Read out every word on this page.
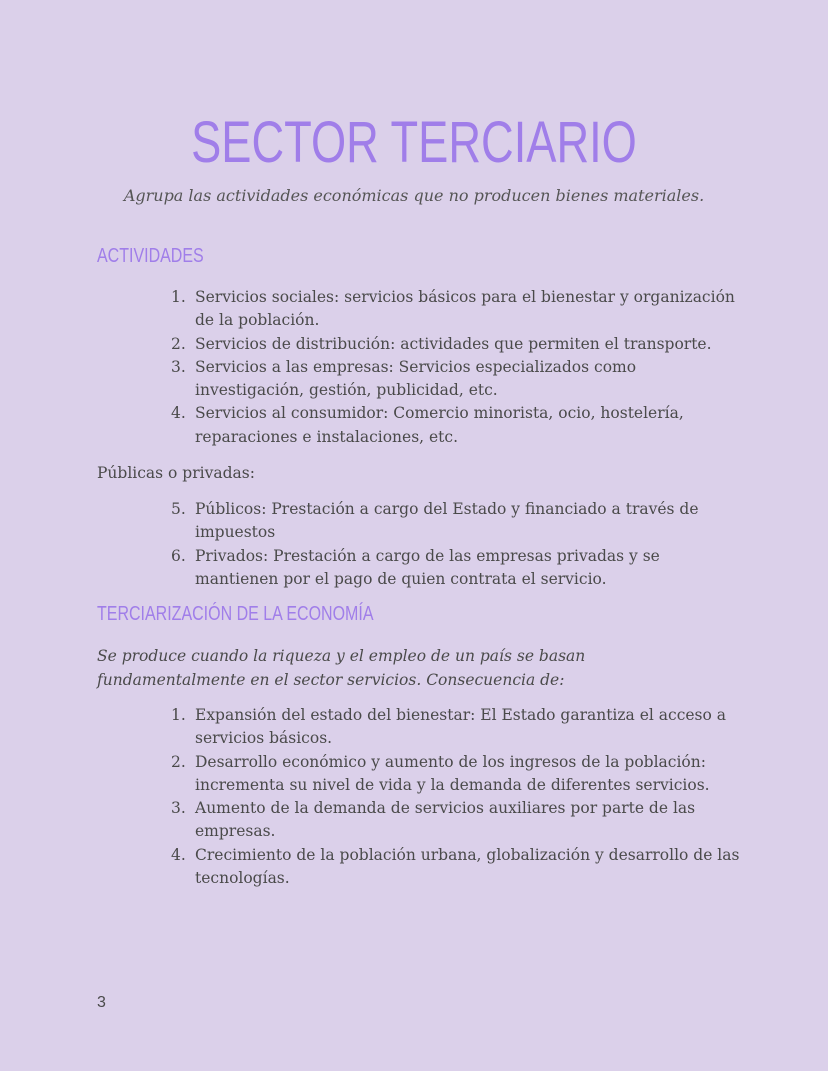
SECTOR TERCIARIO
Agrupa las actividades económicas que no producen bienes materiales.
ACTIVIDADES
1. Servicios sociales: servicios básicos para el bienestar y organización de la población.
2. Servicios de distribución: actividades que permiten el transporte.
3. Servicios a las empresas: Servicios especializados como investigación, gestión, publicidad, etc.
4. Servicios al consumidor: Comercio minorista, ocio, hostelería, reparaciones e instalaciones, etc.

Públicas o privadas:

5. Públicos: Prestación a cargo del Estado y financiado a través de impuestos
6. Privados: Prestación a cargo de las empresas privadas y se mantienen por el pago de quien contrata el servicio.
TERCIARIZACIÓN DE LA ECONOMÍA

Se produce cuando la riqueza y el empleo de un país se basan fundamentalmente en el sector servicios. Consecuencia de:

1. Expansión del estado del bienestar: El Estado garantiza el acceso a servicios básicos.
2. Desarrollo económico y aumento de los ingresos de la población: incrementa su nivel de vida y la demanda de diferentes servicios.
3. Aumento de la demanda de servicios auxiliares por parte de las empresas.
4. Crecimiento de la población urbana, globalización y desarrollo de las tecnologías.
3
